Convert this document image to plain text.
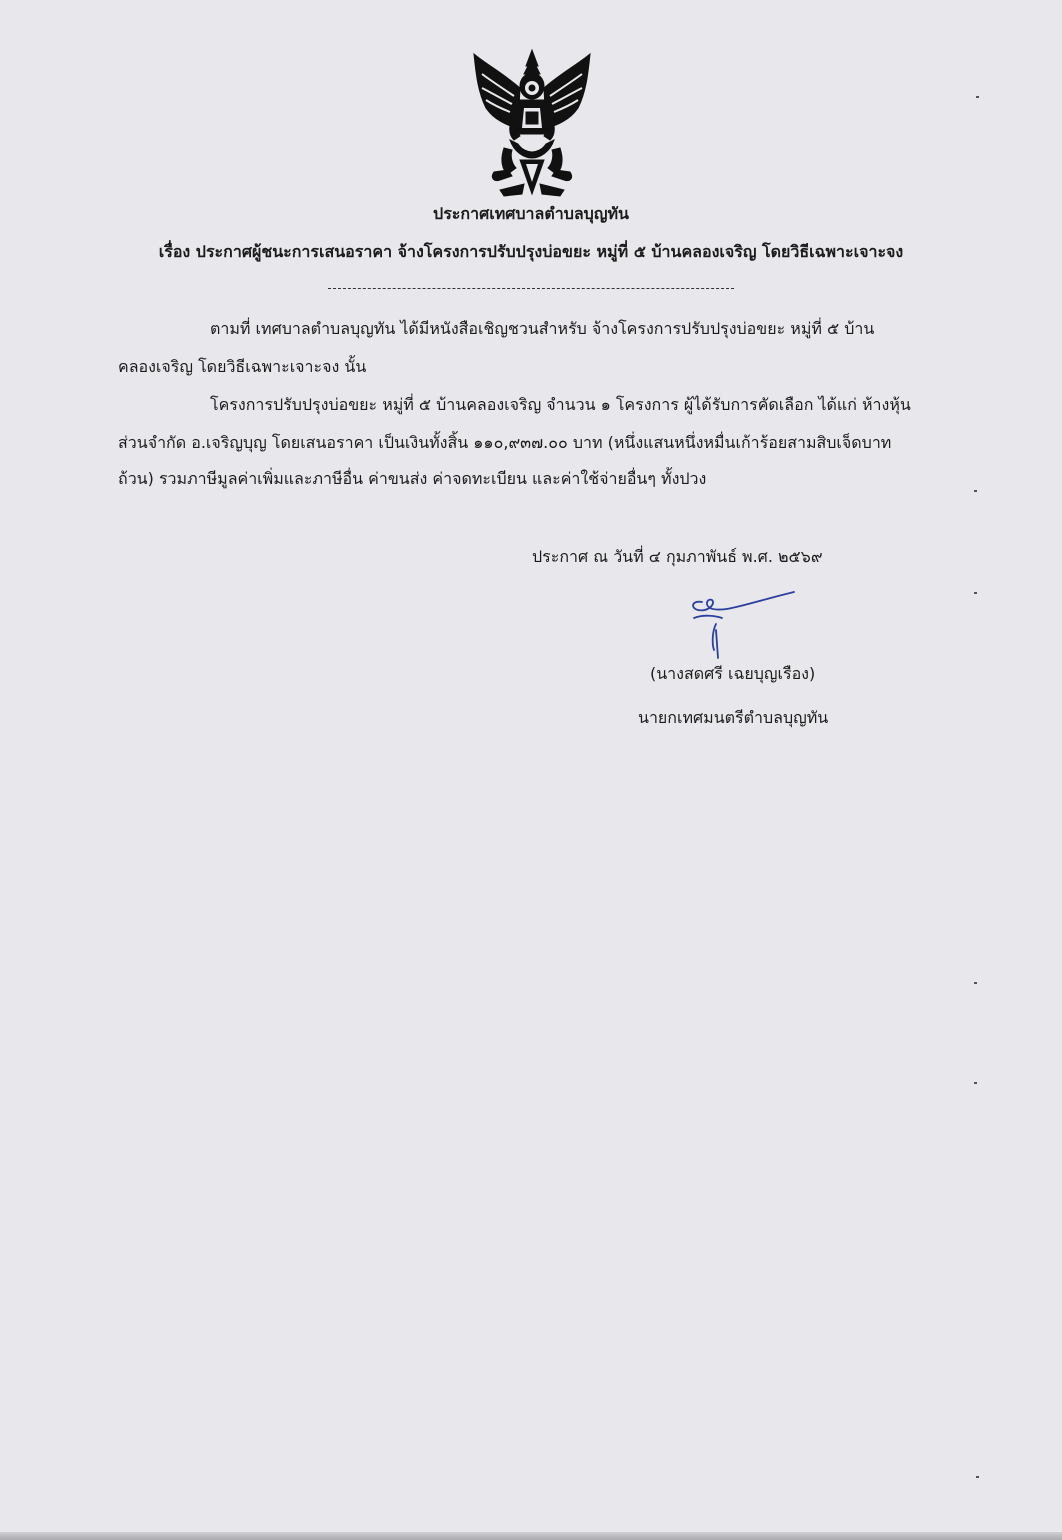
ประกาศเทศบาลตำบลบุญทัน
เรื่อง ประกาศผู้ชนะการเสนอราคา จ้างโครงการปรับปรุงบ่อขยะ หมู่ที่ ๕ บ้านคลองเจริญ โดยวิธีเฉพาะเจาะจง
ตามที่ เทศบาลตำบลบุญทัน ได้มีหนังสือเชิญชวนสำหรับ จ้างโครงการปรับปรุงบ่อขยะ หมู่ที่ ๕ บ้าน
คลองเจริญ โดยวิธีเฉพาะเจาะจง นั้น
โครงการปรับปรุงบ่อขยะ หมู่ที่ ๕ บ้านคลองเจริญ จำนวน ๑ โครงการ ผู้ได้รับการคัดเลือก ได้แก่ ห้างหุ้น
ส่วนจำกัด อ.เจริญบุญ โดยเสนอราคา เป็นเงินทั้งสิ้น ๑๑๐,๙๓๗.๐๐ บาท (หนึ่งแสนหนึ่งหมื่นเก้าร้อยสามสิบเจ็ดบาท
ถ้วน) รวมภาษีมูลค่าเพิ่มและภาษีอื่น ค่าขนส่ง ค่าจดทะเบียน และค่าใช้จ่ายอื่นๆ ทั้งปวง
ประกาศ ณ วันที่ ๔ กุมภาพันธ์ พ.ศ. ๒๕๖๙
(นางสดศรี เฉยบุญเรือง)
นายกเทศมนตรีตำบลบุญทัน
